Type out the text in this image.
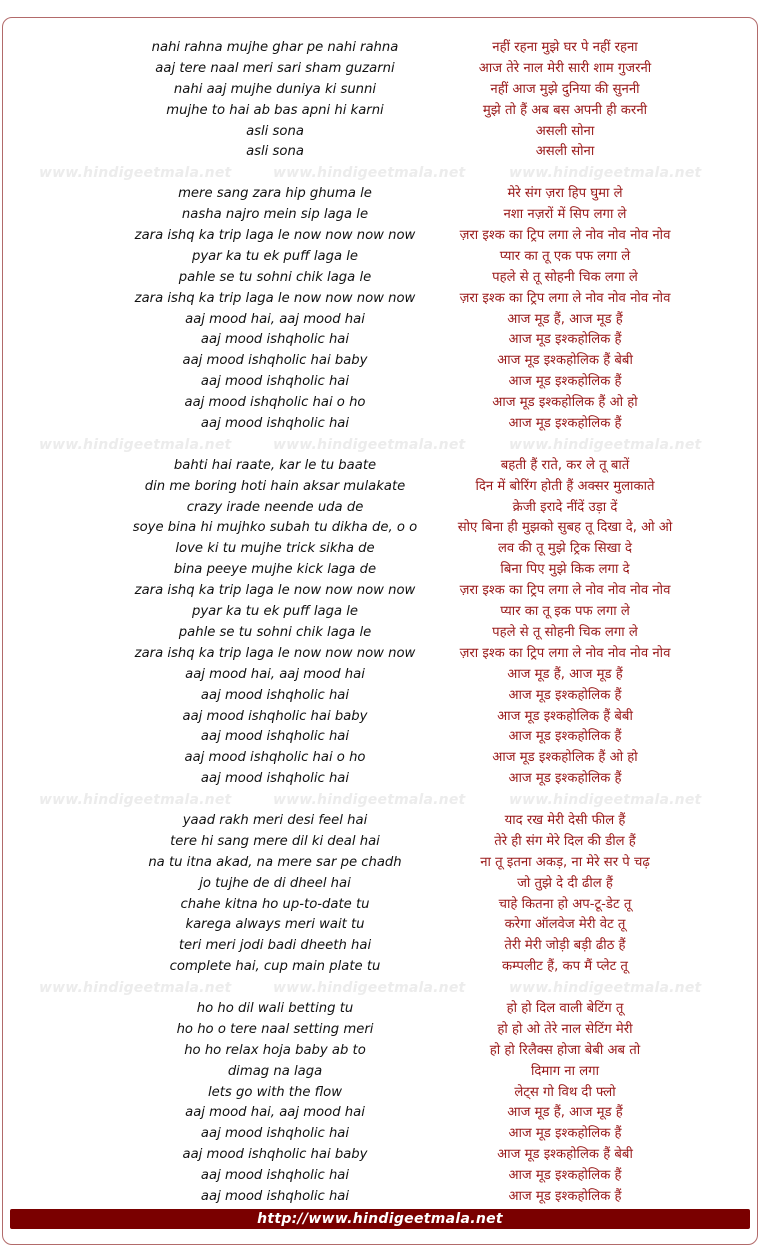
nahi rahna mujhe ghar pe nahi rahna	नहीं रहना मुझे घर पे नहीं रहना
aaj tere naal meri sari sham guzarni	आज तेरे नाल मेरी सारी शाम गुजरनी
nahi aaj mujhe duniya ki sunni	नहीं आज मुझे दुनिया की सुननी
mujhe to hai ab bas apni hi karni	मुझे तो हैं अब बस अपनी ही करनी
asli sona	असली सोना
asli sona	असली सोना
www.hindigeetmala.net	www.hindigeetmala.net	www.hindigeetmala.net
mere sang zara hip ghuma le	मेरे संग ज़रा हिप घुमा ले
nasha najro mein sip laga le	नशा नज़रों में सिप लगा ले
zara ishq ka trip laga le now now now now	ज़रा इश्क का ट्रिप लगा ले नोव नोव नोव नोव
pyar ka tu ek puff laga le	प्यार का तू एक पफ लगा ले
pahle se tu sohni chik laga le	पहले से तू सोहनी चिक लगा ले
zara ishq ka trip laga le now now now now	ज़रा इश्क का ट्रिप लगा ले नोव नोव नोव नोव
aaj mood hai, aaj mood hai	आज मूड हैं, आज मूड हैं
aaj mood ishqholic hai	आज मूड इश्कहोलिक हैं
aaj mood ishqholic hai baby	आज मूड इश्कहोलिक हैं बेबी
aaj mood ishqholic hai	आज मूड इश्कहोलिक हैं
aaj mood ishqholic hai o ho	आज मूड इश्कहोलिक हैं ओ हो
aaj mood ishqholic hai	आज मूड इश्कहोलिक हैं
www.hindigeetmala.net	www.hindigeetmala.net	www.hindigeetmala.net
bahti hai raate, kar le tu baate	बहती हैं राते, कर ले तू बातें
din me boring hoti hain aksar mulakate	दिन में बोरिंग होती हैं अक्सर मुलाकाते
crazy irade neende uda de	क्रेजी इरादे नींदें उड़ा दें
soye bina hi mujhko subah tu dikha de, o o	सोए बिना ही मुझको सुबह तू दिखा दे, ओ ओ
love ki tu mujhe trick sikha de	लव की तू मुझे ट्रिक सिखा दे
bina peeye mujhe kick laga de	बिना पिए मुझे किक लगा दे
zara ishq ka trip laga le now now now now	ज़रा इश्क का ट्रिप लगा ले नोव नोव नोव नोव
pyar ka tu ek puff laga le	प्यार का तू इक पफ लगा ले
pahle se tu sohni chik laga le	पहले से तू सोहनी चिक लगा ले
zara ishq ka trip laga le now now now now	ज़रा इश्क का ट्रिप लगा ले नोव नोव नोव नोव
aaj mood hai, aaj mood hai	आज मूड हैं, आज मूड हैं
aaj mood ishqholic hai	आज मूड इश्कहोलिक हैं
aaj mood ishqholic hai baby	आज मूड इश्कहोलिक हैं बेबी
aaj mood ishqholic hai	आज मूड इश्कहोलिक हैं
aaj mood ishqholic hai o ho	आज मूड इश्कहोलिक हैं ओ हो
aaj mood ishqholic hai	आज मूड इश्कहोलिक हैं
www.hindigeetmala.net	www.hindigeetmala.net	www.hindigeetmala.net
yaad rakh meri desi feel hai	याद रख मेरी देसी फील हैं
tere hi sang mere dil ki deal hai	तेरे ही संग मेरे दिल की डील हैं
na tu itna akad, na mere sar pe chadh	ना तू इतना अकड़, ना मेरे सर पे चढ़
jo tujhe de di dheel hai	जो तुझे दे दी ढील हैं
chahe kitna ho up-to-date tu	चाहे कितना हो अप-टू-डेट तू
karega always meri wait tu	करेगा ऑलवेज मेरी वेट तू
teri meri jodi badi dheeth hai	तेरी मेरी जोड़ी बड़ी ढीठ हैं
complete hai, cup main plate tu	कम्पलीट हैं, कप मैं प्लेट तू
www.hindigeetmala.net	www.hindigeetmala.net	www.hindigeetmala.net
ho ho dil wali betting tu	हो हो दिल वाली बेटिंग तू
ho ho o tere naal setting meri	हो हो ओ तेरे नाल सेटिंग मेरी
ho ho relax hoja baby ab to	हो हो रिलैक्स होजा बेबी अब तो
dimag na laga	दिमाग ना लगा
lets go with the flow	लेट्स गो विथ दी फ्लो
aaj mood hai, aaj mood hai	आज मूड हैं, आज मूड हैं
aaj mood ishqholic hai	आज मूड इश्कहोलिक हैं
aaj mood ishqholic hai baby	आज मूड इश्कहोलिक हैं बेबी
aaj mood ishqholic hai	आज मूड इश्कहोलिक हैं
aaj mood ishqholic hai	आज मूड इश्कहोलिक हैं
http://www.hindigeetmala.net
